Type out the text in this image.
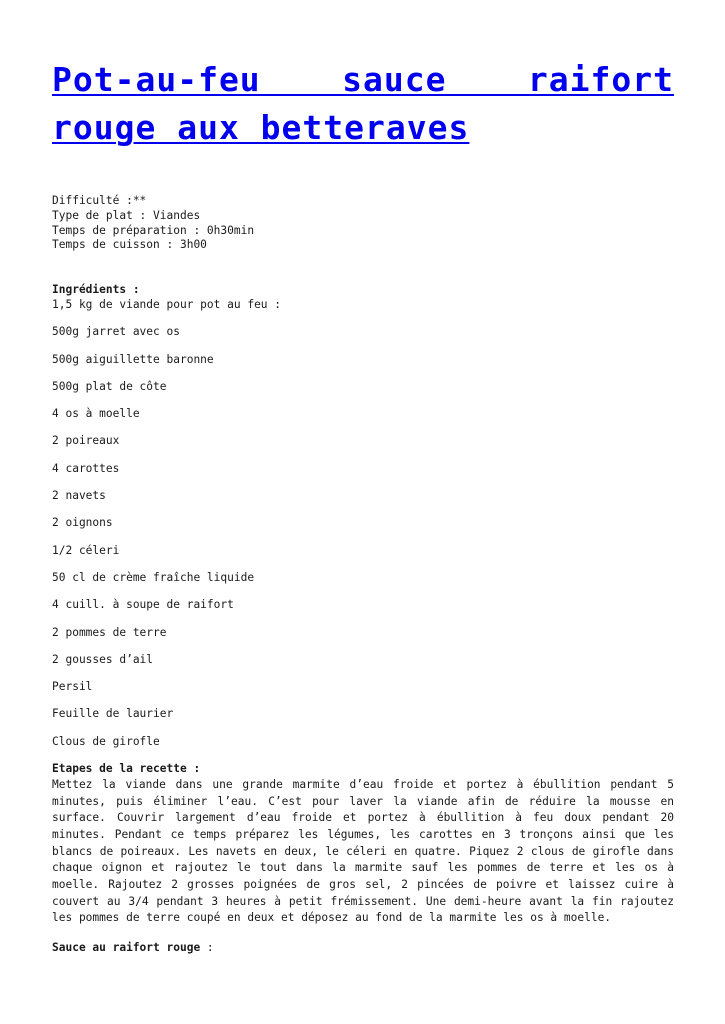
Pot-au-feu sauce raifort rouge aux betteraves
Difficulté :**
Type de plat : Viandes
Temps de préparation : 0h30min
Temps de cuisson : 3h00
Ingrédients :

1,5 kg de viande pour pot au feu :

500g jarret avec os
500g aiguillette baronne
500g plat de côte
4 os à moelle
2 poireaux
4 carottes
2 navets
2 oignons
1/2 céleri
50 cl de crème fraîche liquide
4 cuill. à soupe de raifort
2 pommes de terre
2 gousses d’ail
Persil
Feuille de laurier
Clous de girofle
Etapes de la recette :

Mettez la viande dans une grande marmite d’eau froide et portez à ébullition pendant 5 minutes, puis éliminer l’eau. C’est pour laver la viande afin de réduire la mousse en surface. Couvrir largement d’eau froide et portez à ébullition à feu doux pendant 20 minutes. Pendant ce temps préparez les légumes, les carottes en 3 tronçons ainsi que les blancs de poireaux. Les navets en deux, le céleri en quatre. Piquez 2 clous de girofle dans chaque oignon et rajoutez le tout dans la marmite sauf les pommes de terre et les os à moelle. Rajoutez 2 grosses poignées de gros sel, 2 pincées de poivre et laissez cuire à couvert au 3/4 pendant 3 heures à petit frémissement. Une demi-heure avant la fin rajoutez les pommes de terre coupé en deux et déposez au fond de la marmite les os à moelle.

Sauce au raifort rouge :
